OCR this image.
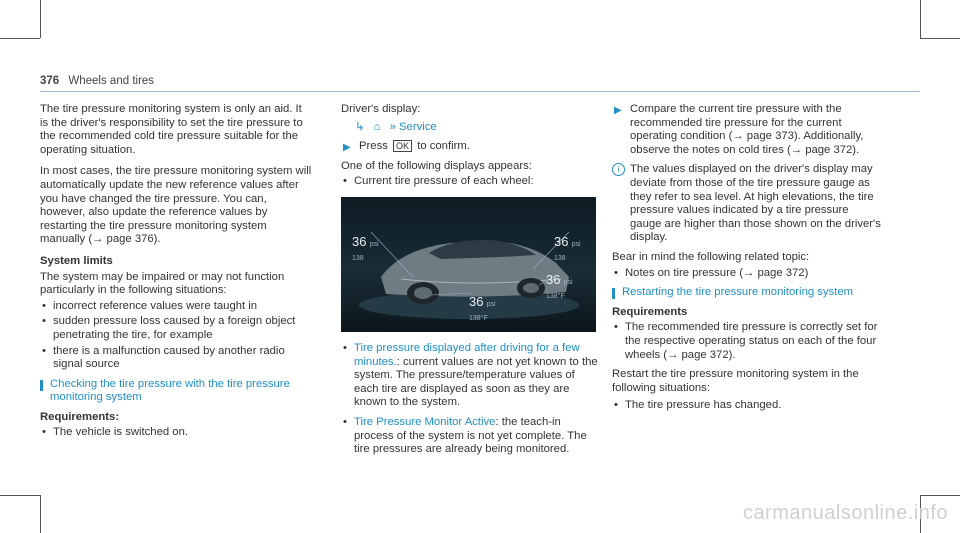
376 Wheels and tires

The tire pressure monitoring system is only an aid. It is the driver's responsibility to set the tire pressure to the recommended cold tire pressure suitable for the operating situation.

In most cases, the tire pressure monitoring system will automatically update the new reference values after you have changed the tire pressure. You can, however, also update the reference values by restarting the tire pressure monitoring system manually (→ page 376).

System limits

The system may be impaired or may not function particularly in the following situations:

• incorrect reference values were taught in
• sudden pressure loss caused by a foreign object penetrating the tire, for example
• there is a malfunction caused by another radio signal source
Checking the tire pressure with the tire pressure monitoring system
Requirements:
• The vehicle is switched on.

Driver's display:

↳ ⌂ » Service
▶ Press OK to confirm.

One of the following displays appears:

• Current tire pressure of each wheel:
36 psi
138
36 psi
138
36 psi
138°F
36 psi
138°F
• Tire pressure displayed after driving for a few minutes.: current values are not yet known to the system. The pressure/temperature values of each tire are displayed as soon as they are known to the system.
• Tire Pressure Monitor Active: the teach-in process of the system is not yet complete. The tire pressures are already being monitored.
▶ Compare the current tire pressure with the recommended tire pressure for the current operating condition (→ page 373). Additionally, observe the notes on cold tires (→ page 372).
i The values displayed on the driver's display may deviate from those of the tire pressure gauge as they refer to sea level. At high elevations, the tire pressure values indicated by a tire pressure gauge are higher than those shown on the driver's display.

Bear in mind the following related topic:

• Notes on tire pressure (→ page 372)
Restarting the tire pressure monitoring system
Requirements
• The recommended tire pressure is correctly set for the respective operating status on each of the four wheels (→ page 372).

Restart the tire pressure monitoring system in the following situations:

• The tire pressure has changed.
carmanualsonline.info
